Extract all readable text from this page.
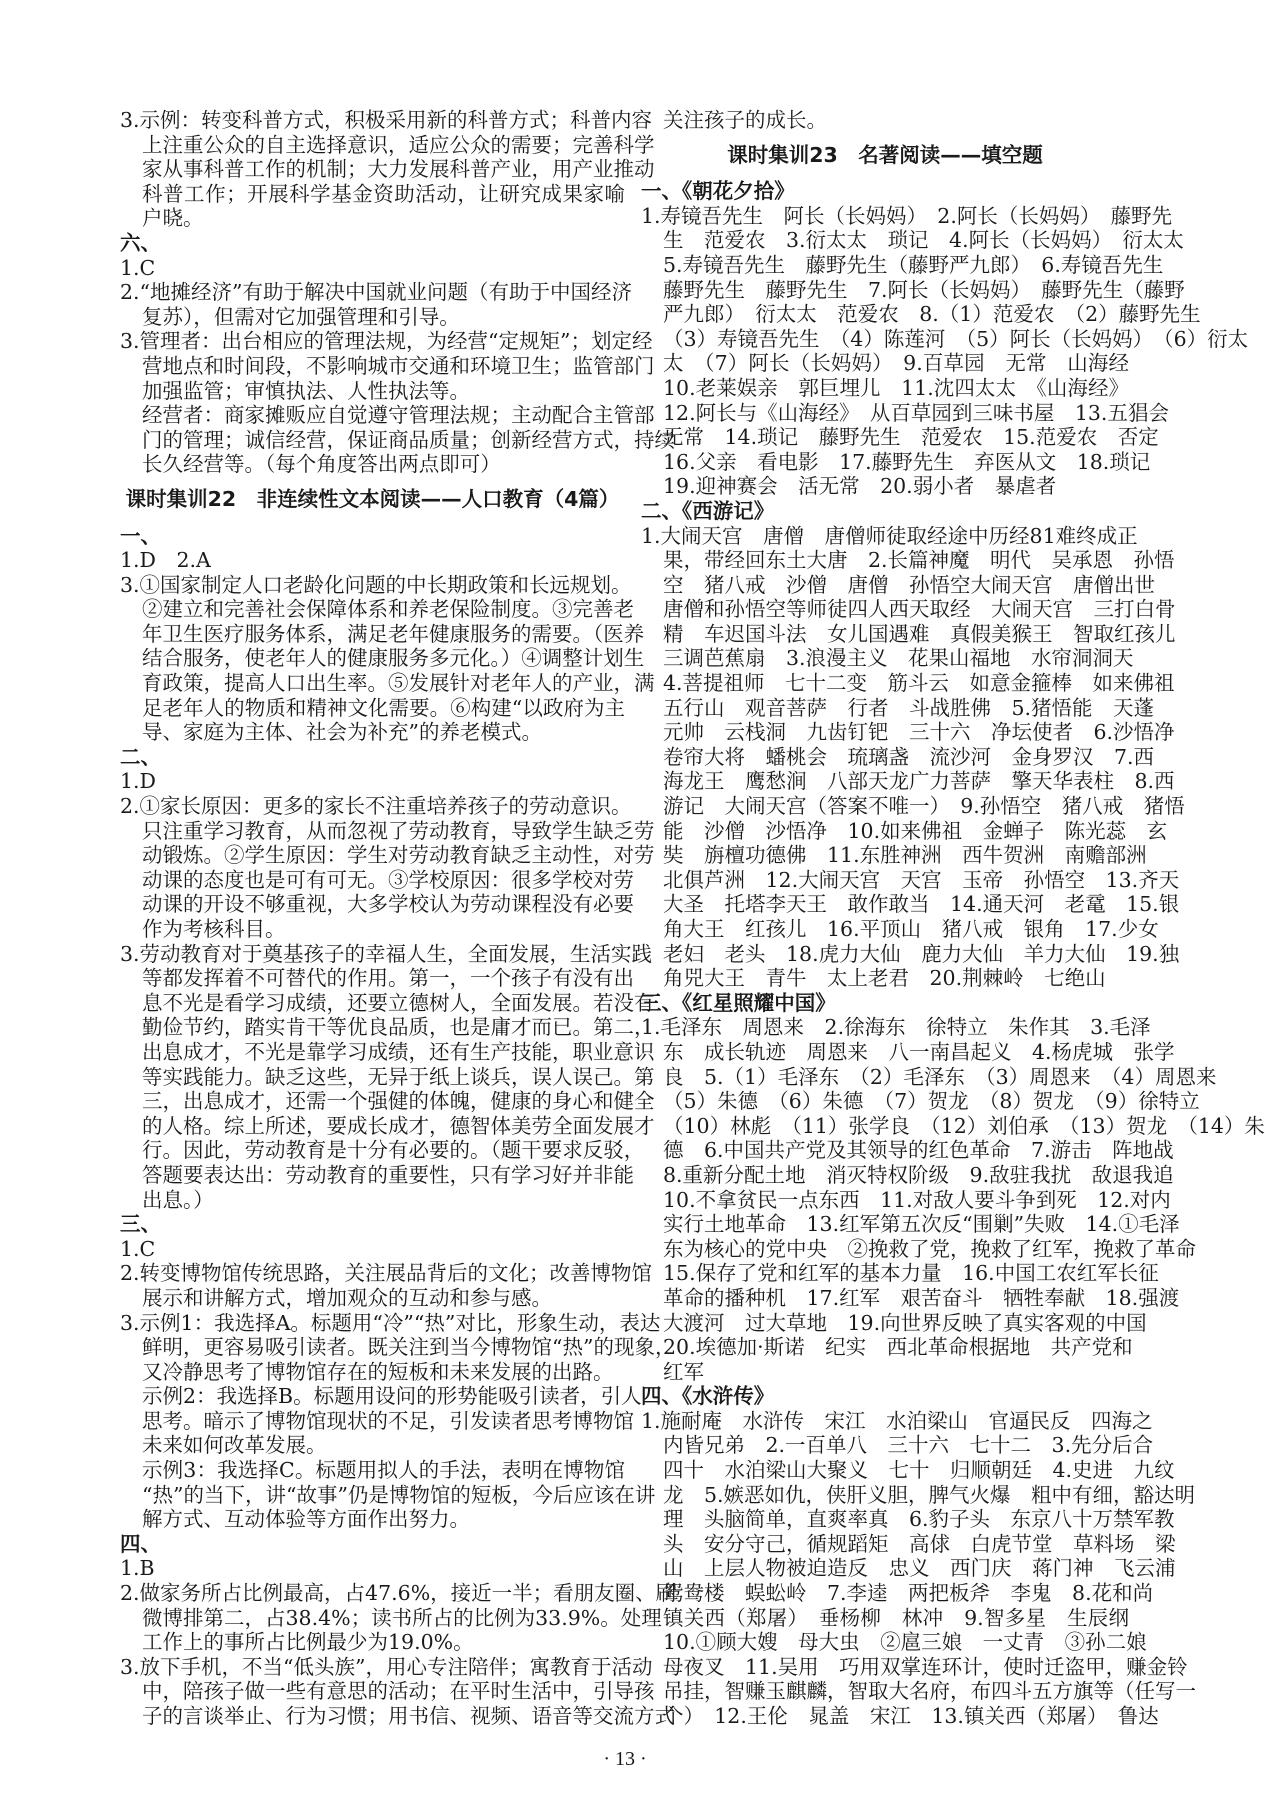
3.示例：转变科普方式，积极采用新的科普方式；科普内容
上注重公众的自主选择意识，适应公众的需要；完善科学
家从事科普工作的机制；大力发展科普产业，用产业推动
科普工作；开展科学基金资助活动，让研究成果家喻
户晓。
六、
1.C
2.“地摊经济”有助于解决中国就业问题（有助于中国经济
复苏），但需对它加强管理和引导。
3.管理者：出台相应的管理法规，为经营“定规矩”；划定经
营地点和时间段，不影响城市交通和环境卫生；监管部门
加强监管；审慎执法、人性执法等。
经营者：商家摊贩应自觉遵守管理法规；主动配合主管部
门的管理；诚信经营，保证商品质量；创新经营方式，持续
长久经营等。（每个角度答出两点即可）
课时集训22　非连续性文本阅读——人口教育（4篇）
一、
1.D　2.A
3.①国家制定人口老龄化问题的中长期政策和长远规划。
②建立和完善社会保障体系和养老保险制度。③完善老
年卫生医疗服务体系，满足老年健康服务的需要。（医养
结合服务，使老年人的健康服务多元化。）④调整计划生
育政策，提高人口出生率。⑤发展针对老年人的产业，满
足老年人的物质和精神文化需要。⑥构建“以政府为主
导、家庭为主体、社会为补充”的养老模式。
二、
1.D
2.①家长原因：更多的家长不注重培养孩子的劳动意识。
只注重学习教育，从而忽视了劳动教育，导致学生缺乏劳
动锻炼。②学生原因：学生对劳动教育缺乏主动性，对劳
动课的态度也是可有可无。③学校原因：很多学校对劳
动课的开设不够重视，大多学校认为劳动课程没有必要
作为考核科目。
3.劳动教育对于奠基孩子的幸福人生，全面发展，生活实践
等都发挥着不可替代的作用。第一，一个孩子有没有出
息不光是看学习成绩，还要立德树人，全面发展。若没有
勤俭节约，踏实肯干等优良品质，也是庸才而已。第二，
出息成才，不光是靠学习成绩，还有生产技能，职业意识
等实践能力。缺乏这些，无异于纸上谈兵，误人误己。第
三，出息成才，还需一个强健的体魄，健康的身心和健全
的人格。综上所述，要成长成才，德智体美劳全面发展才
行。因此，劳动教育是十分有必要的。（题干要求反驳，
答题要表达出：劳动教育的重要性，只有学习好并非能
出息。）
三、
1.C
2.转变博物馆传统思路，关注展品背后的文化；改善博物馆
展示和讲解方式，增加观众的互动和参与感。
3.示例1：我选择A。标题用“冷”“热”对比，形象生动，表达
鲜明，更容易吸引读者。既关注到当今博物馆“热”的现象，
又冷静思考了博物馆存在的短板和未来发展的出路。
示例2：我选择B。标题用设问的形势能吸引读者，引人
思考。暗示了博物馆现状的不足，引发读者思考博物馆
未来如何改革发展。
示例3：我选择C。标题用拟人的手法，表明在博物馆
“热”的当下，讲“故事”仍是博物馆的短板，今后应该在讲
解方式、互动体验等方面作出努力。
四、
1.B
2.做家务所占比例最高，占47.6%，接近一半；看朋友圈、刷
微博排第二，占38.4%；读书所占的比例为33.9%。处理
工作上的事所占比例最少为19.0%。
3.放下手机，不当“低头族”，用心专注陪伴；寓教育于活动
中，陪孩子做一些有意思的活动；在平时生活中，引导孩
子的言谈举止、行为习惯；用书信、视频、语音等交流方式
关注孩子的成长。
课时集训23　名著阅读——填空题
一、《朝花夕拾》
1.寿镜吾先生　阿长（长妈妈）　2.阿长（长妈妈）　藤野先
生　范爱农　3.衍太太　琐记　4.阿长（长妈妈）　衍太太
5.寿镜吾先生　藤野先生（藤野严九郎）　6.寿镜吾先生
藤野先生　藤野先生　7.阿长（长妈妈）　藤野先生（藤野
严九郎）　衍太太　范爱农　8.（1）范爱农　（2）藤野先生
（3）寿镜吾先生　（4）陈莲河　（5）阿长（长妈妈）　（6）衍太
太　（7）阿长（长妈妈）　9.百草园　无常　山海经
10.老莱娱亲　郭巨埋儿　11.沈四太太　《山海经》
12.阿长与《山海经》　从百草园到三味书屋　13.五猖会
无常　14.琐记　藤野先生　范爱农　15.范爱农　否定
16.父亲　看电影　17.藤野先生　弃医从文　18.琐记
19.迎神赛会　活无常　20.弱小者　暴虐者
二、《西游记》
1.大闹天宫　唐僧　唐僧师徒取经途中历经81难终成正
果，带经回东土大唐　2.长篇神魔　明代　吴承恩　孙悟
空　猪八戒　沙僧　唐僧　孙悟空大闹天宫　唐僧出世
唐僧和孙悟空等师徒四人西天取经　大闹天宫　三打白骨
精　车迟国斗法　女儿国遇难　真假美猴王　智取红孩儿
三调芭蕉扇　3.浪漫主义　花果山福地　水帘洞洞天
4.菩提祖师　七十二变　筋斗云　如意金箍棒　如来佛祖
五行山　观音菩萨　行者　斗战胜佛　5.猪悟能　天蓬
元帅　云栈洞　九齿钉钯　三十六　净坛使者　6.沙悟净
卷帘大将　蟠桃会　琉璃盏　流沙河　金身罗汉　7.西
海龙王　鹰愁涧　八部天龙广力菩萨　擎天华表柱　8.西
游记　大闹天宫（答案不唯一）　9.孙悟空　猪八戒　猪悟
能　沙僧　沙悟净　10.如来佛祖　金蝉子　陈光蕊　玄
奘　旃檀功德佛　11.东胜神洲　西牛贺洲　南赡部洲
北俱芦洲　12.大闹天宫　天宫　玉帝　孙悟空　13.齐天
大圣　托塔李天王　敢作敢当　14.通天河　老鼋　15.银
角大王　红孩儿　16.平顶山　猪八戒　银角　17.少女
老妇　老头　18.虎力大仙　鹿力大仙　羊力大仙　19.独
角兕大王　青牛　太上老君　20.荆棘岭　七绝山
三、《红星照耀中国》
1.毛泽东　周恩来　2.徐海东　徐特立　朱作其　3.毛泽
东　成长轨迹　周恩来　八一南昌起义　4.杨虎城　张学
良　5.（1）毛泽东　（2）毛泽东　（3）周恩来　（4）周恩来
（5）朱德　（6）朱德　（7）贺龙　（8）贺龙　（9）徐特立
（10）林彪　（11）张学良　（12）刘伯承　（13）贺龙　（14）朱
德　6.中国共产党及其领导的红色革命　7.游击　阵地战
8.重新分配土地　消灭特权阶级　9.敌驻我扰　敌退我追
10.不拿贫民一点东西　11.对敌人要斗争到死　12.对内
实行土地革命　13.红军第五次反“围剿”失败　14.①毛泽
东为核心的党中央　②挽救了党，挽救了红军，挽救了革命
15.保存了党和红军的基本力量　16.中国工农红军长征
革命的播种机　17.红军　艰苦奋斗　牺牲奉献　18.强渡
大渡河　过大草地　19.向世界反映了真实客观的中国
20.埃德加·斯诺　纪实　西北革命根据地　共产党和
红军
四、《水浒传》
1.施耐庵　水浒传　宋江　水泊梁山　官逼民反　四海之
内皆兄弟　2.一百单八　三十六　七十二　3.先分后合
四十　水泊梁山大聚义　七十　归顺朝廷　4.史进　九纹
龙　5.嫉恶如仇，侠肝义胆，脾气火爆　粗中有细，豁达明
理　头脑简单，直爽率真　6.豹子头　东京八十万禁军教
头　安分守己，循规蹈矩　高俅　白虎节堂　草料场　梁
山　上层人物被迫造反　忠义　西门庆　蒋门神　飞云浦
鸳鸯楼　蜈蚣岭　7.李逵　两把板斧　李鬼　8.花和尚
镇关西（郑屠）　垂杨柳　林冲　9.智多星　生辰纲
10.①顾大嫂　母大虫　②扈三娘　一丈青　③孙二娘
母夜叉　11.吴用　巧用双掌连环计，使时迁盗甲，赚金铃
吊挂，智赚玉麒麟，智取大名府，布四斗五方旗等（任写一
个）　12.王伦　晁盖　宋江　13.镇关西（郑屠）　鲁达
· 13 ·
